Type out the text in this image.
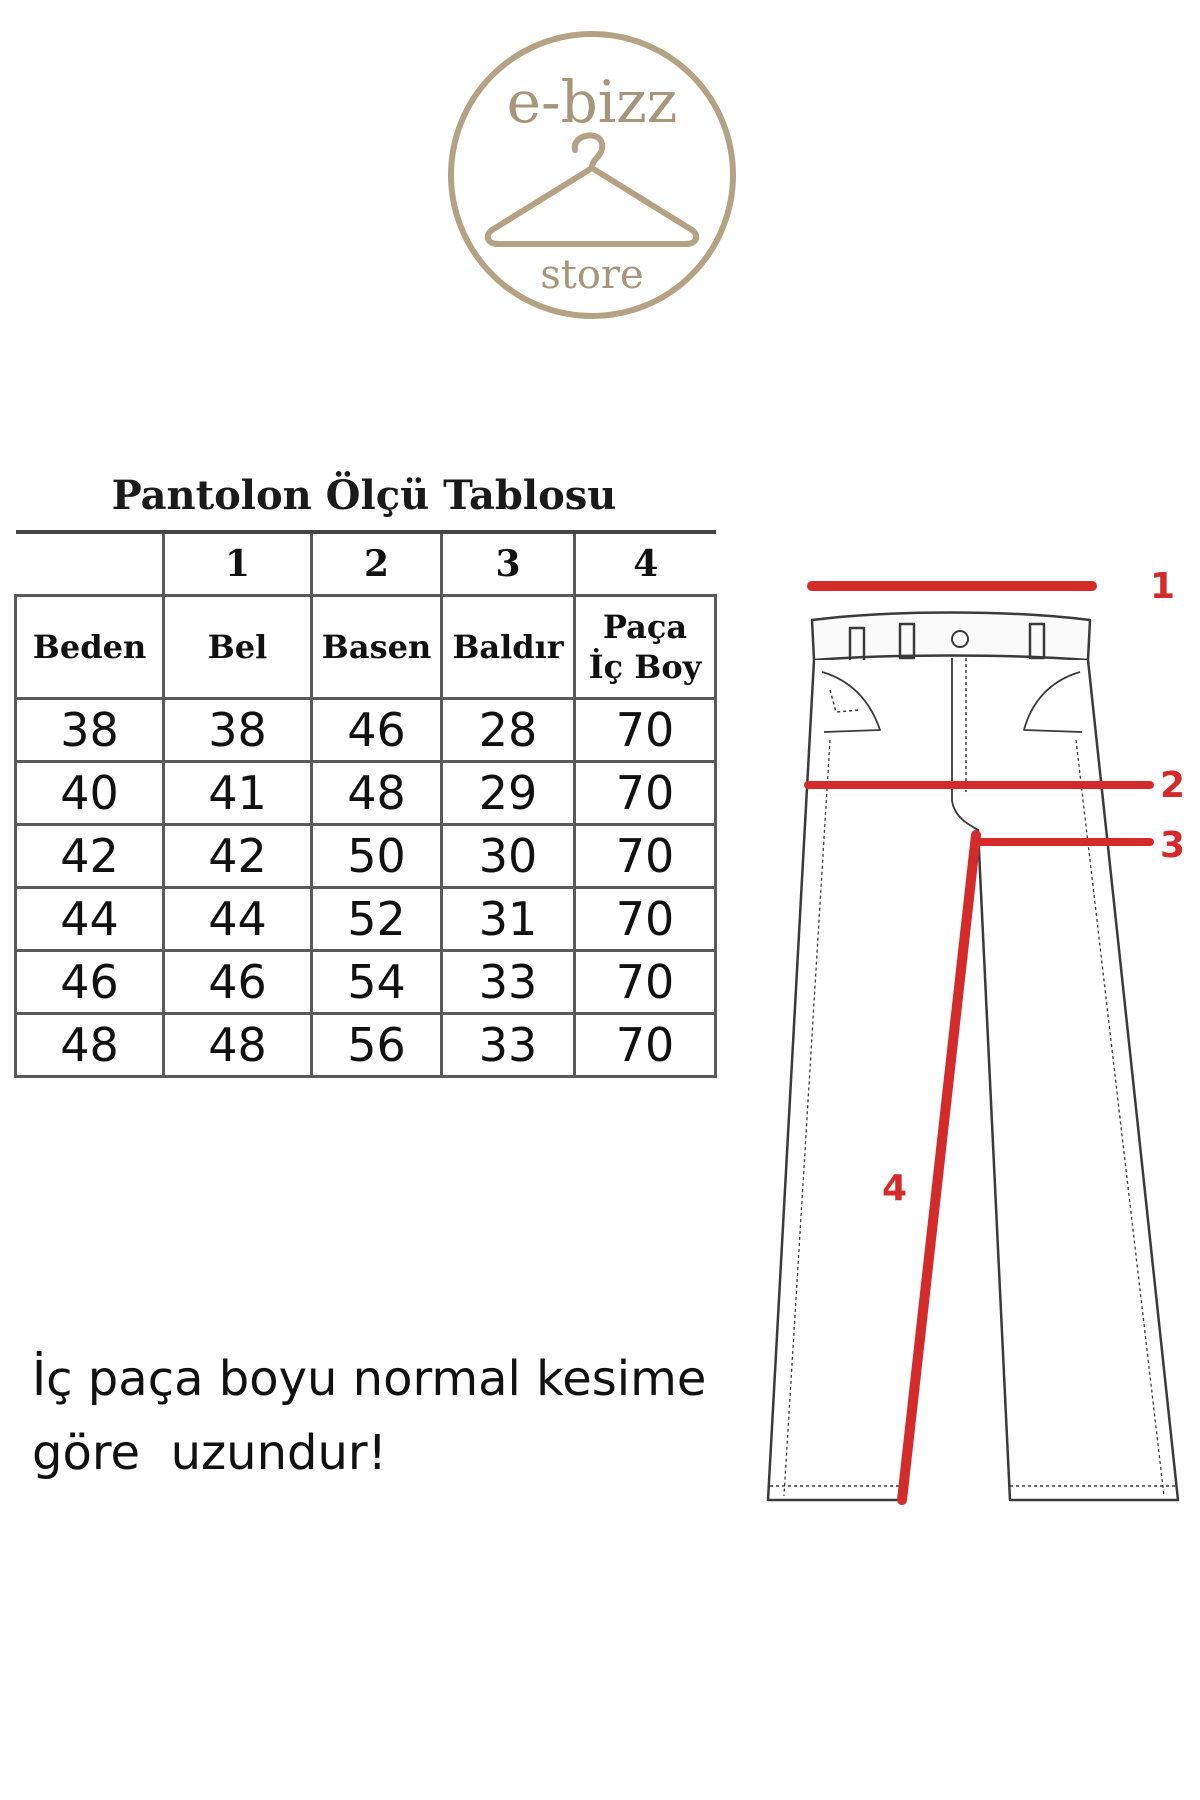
e-bizz
store
Pantolon Ölçü Tablosu
	1	2	3	4
Beden	Bel	Basen	Baldır	Paça
İç Boy
38	38	46	28	70
40	41	48	29	70
42	42	50	30	70
44	44	52	31	70
46	46	54	33	70
48	48	56	33	70
İç paça boyu normal kesime
göre  uzundur!
1
2
3
4
